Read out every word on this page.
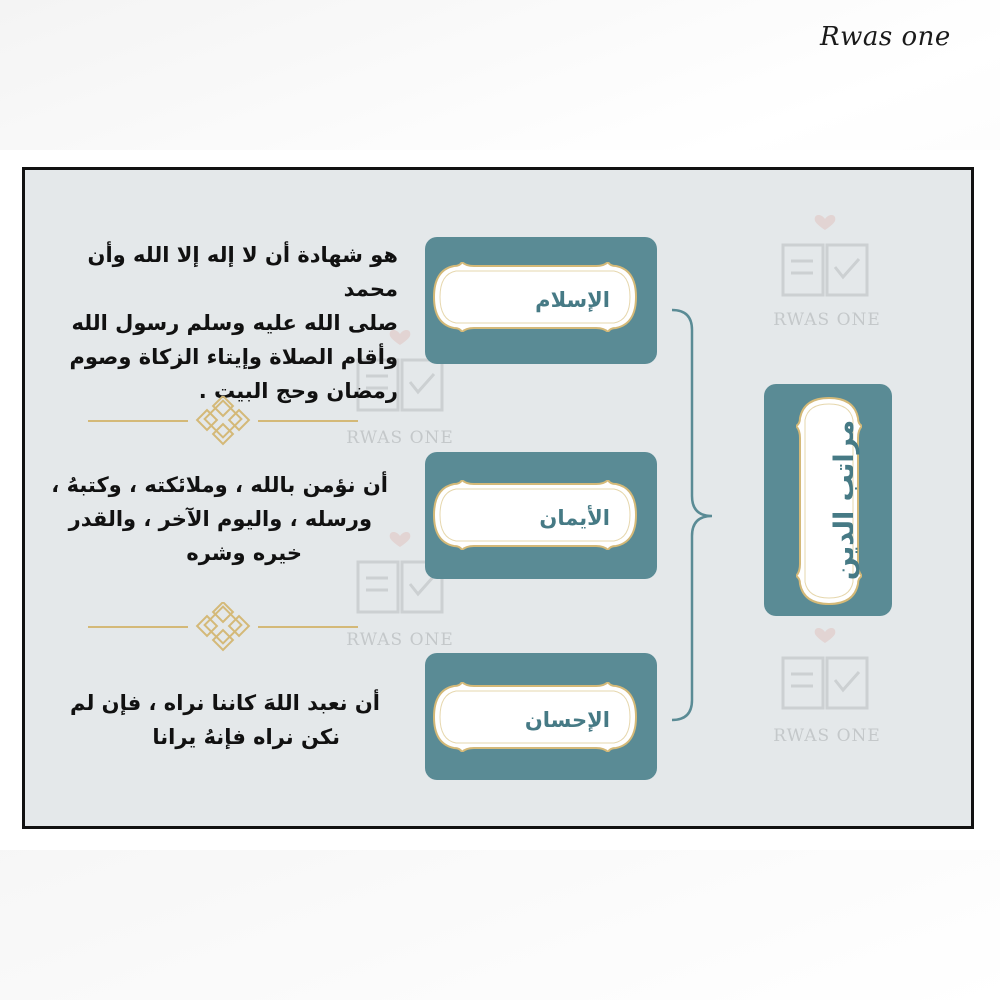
Rwas one
RWAS ONE
RWAS ONE
RWAS ONE
RWAS ONE
هو شهادة أن لا إله إلا الله وأن محمد
صلى الله عليه وسلم رسول الله
وأقام الصلاة وإيتاء الزكاة وصوم
رمضان وحج البيت .
أن نؤمن بالله ، وملائكته ، وكتبهُ ،
ورسله ، واليوم الآخر ، والقدر
خيره وشره
أن نعبد اللهَ كاننا نراه ، فإن لم
نكن نراه فإنهُ يرانا
الإسلام
الأيمان
الإحسان
مراتب الدين
